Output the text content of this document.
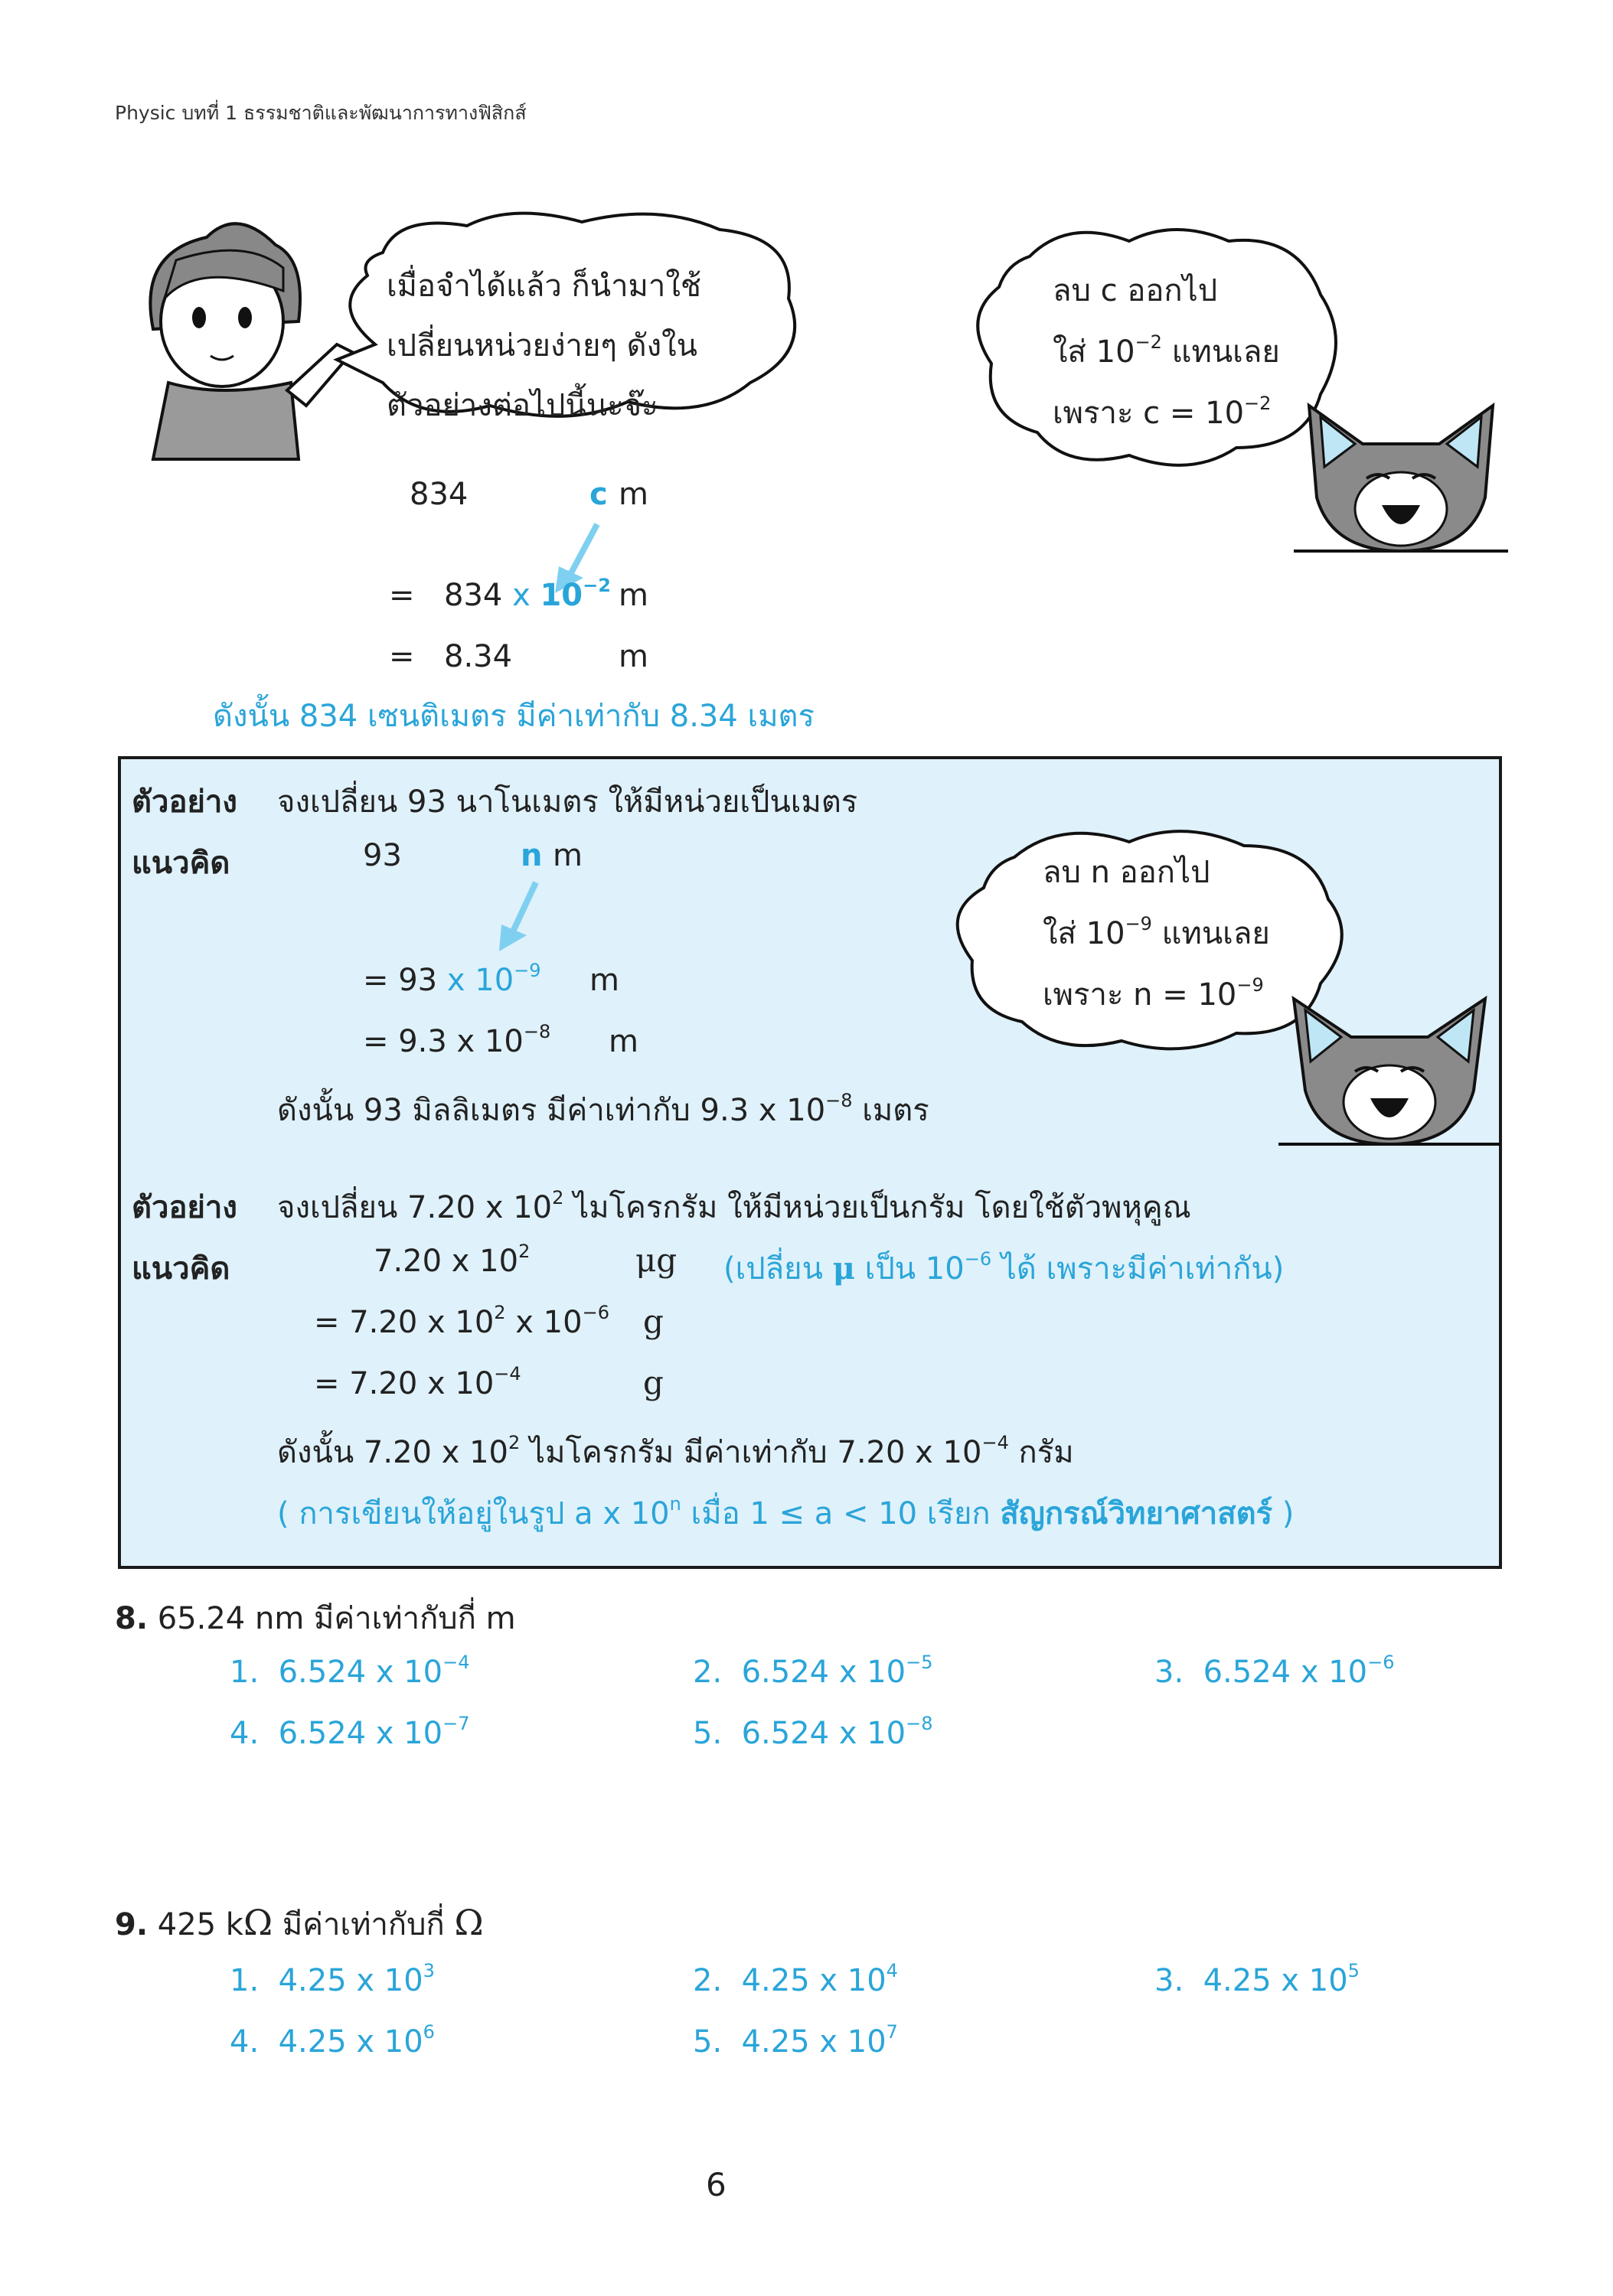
Physic บทที่ 1 ธรรมชาติและพัฒนาการทางฟิสิกส์
เมื่อจำได้แล้ว ก็นำมาใช้
เปลี่ยนหน่วยง่ายๆ ดังใน
ตัวอย่างต่อไปนี้นะจ๊ะ
ลบ c ออกไป
ใส่ $10^{-2}$ แทนเลย
เพราะ $c = 10^{-2}$
834	c m
= 834 x $10^{-2}$ m
= 8.34	m
ดังนั้น 834 เซนติเมตร มีค่าเท่ากับ 8.34 เมตร
ตัวอย่าง จงเปลี่ยน 93 นาโนเมตร ให้มีหน่วยเป็นเมตร
แนวคิด	93	n m
= 93 x $10^{-9}$ m
= 9.3 x $10^{-8}$ m
ดังนั้น 93 มิลลิเมตร มีค่าเท่ากับ 9.3 x $10^{-8}$ เมตร
ลบ n ออกไป
ใส่ $10^{-9}$ แทนเลย
เพราะ $n = 10^{-9}$
ตัวอย่าง จงเปลี่ยน 7.20 x $10^2$ ไมโครกรัม ให้มีหน่วยเป็นกรัม โดยใช้ตัวพหุคูณ
แนวคิด	7.20 x $10^2$	μg (เปลี่ยน μ เป็น $10^{-6}$ ได้ เพราะมีค่าเท่ากัน)
= 7.20 x $10^2$ x $10^{-6}$ g
= 7.20 x $10^{-4}$	g
ดังนั้น 7.20 x $10^2$ ไมโครกรัม มีค่าเท่ากับ 7.20 x $10^{-4}$ กรัม
( การเขียนให้อยู่ในรูป a x 10$^n$ เมื่อ 1 ≤ a < 10 เรียก สัญกรณ์วิทยาศาสตร์ )
8. 65.24 nm มีค่าเท่ากับกี่ m
1. 6.524 x $10^{-4}$	2. 6.524 x $10^{-5}$	3. 6.524 x $10^{-6}$
4. 6.524 x $10^{-7}$	5. 6.524 x $10^{-8}$
9. 425 kΩ มีค่าเท่ากับกี่ Ω
1. 4.25 x $10^3$	2. 4.25 x $10^4$	3. 4.25 x $10^5$
4. 4.25 x $10^6$	5. 4.25 x $10^7$
6
